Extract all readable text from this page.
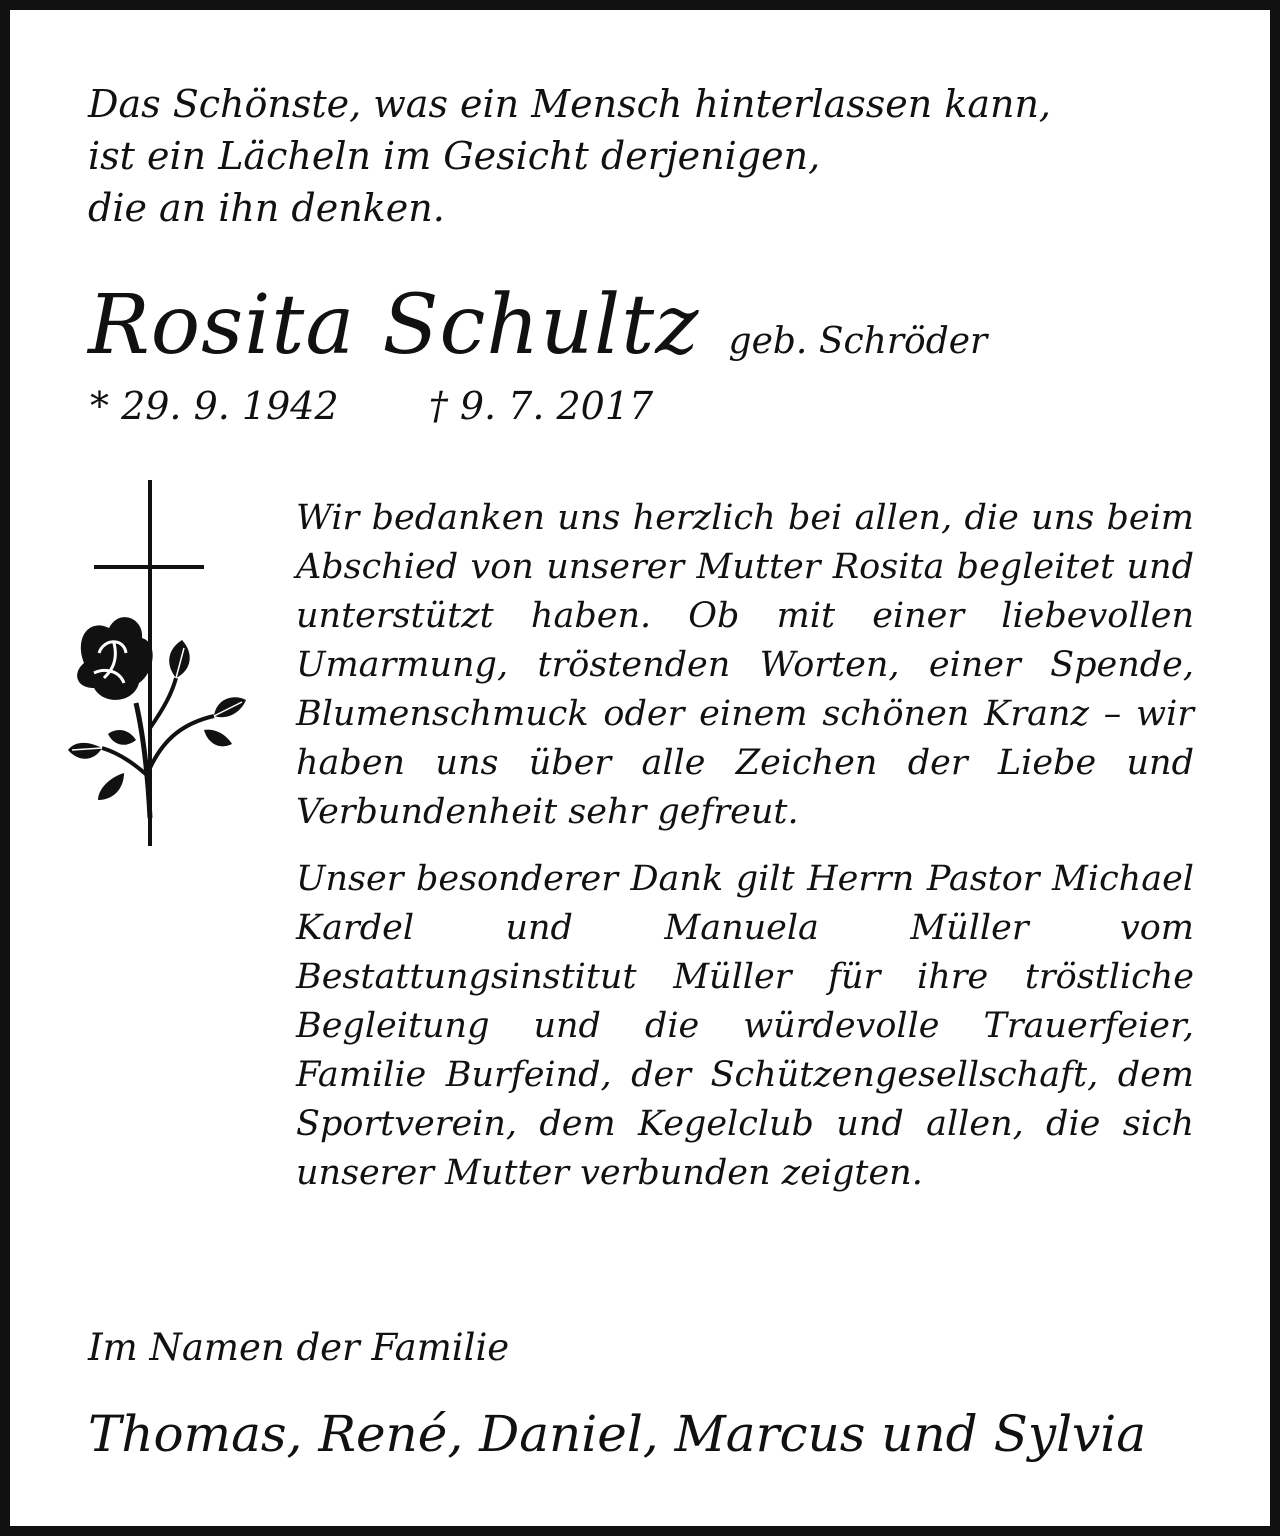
Das Schönste, was ein Mensch hinterlassen kann,
ist ein Lächeln im Gesicht derjenigen,
die an ihn denken.
Rosita Schultz geb. Schröder
* 29. 9. 1942 † 9. 7. 2017

Wir bedanken uns herzlich bei allen, die uns beim Abschied von unserer Mutter Rosita begleitet und unterstützt haben. Ob mit einer liebevollen Umarmung, tröstenden Worten, einer Spende, Blumenschmuck oder einem schönen Kranz – wir haben uns über alle Zeichen der Liebe und Verbundenheit sehr gefreut.

Unser besonderer Dank gilt Herrn Pastor Michael Kardel und Manuela Müller vom Bestattungsinstitut Müller für ihre tröstliche Begleitung und die würdevolle Trauerfeier, Familie Burfeind, der Schützengesellschaft, dem Sportverein, dem Kegelclub und allen, die sich unserer Mutter verbunden zeigten.

Im Namen der Familie
Thomas, René, Daniel, Marcus und Sylvia
